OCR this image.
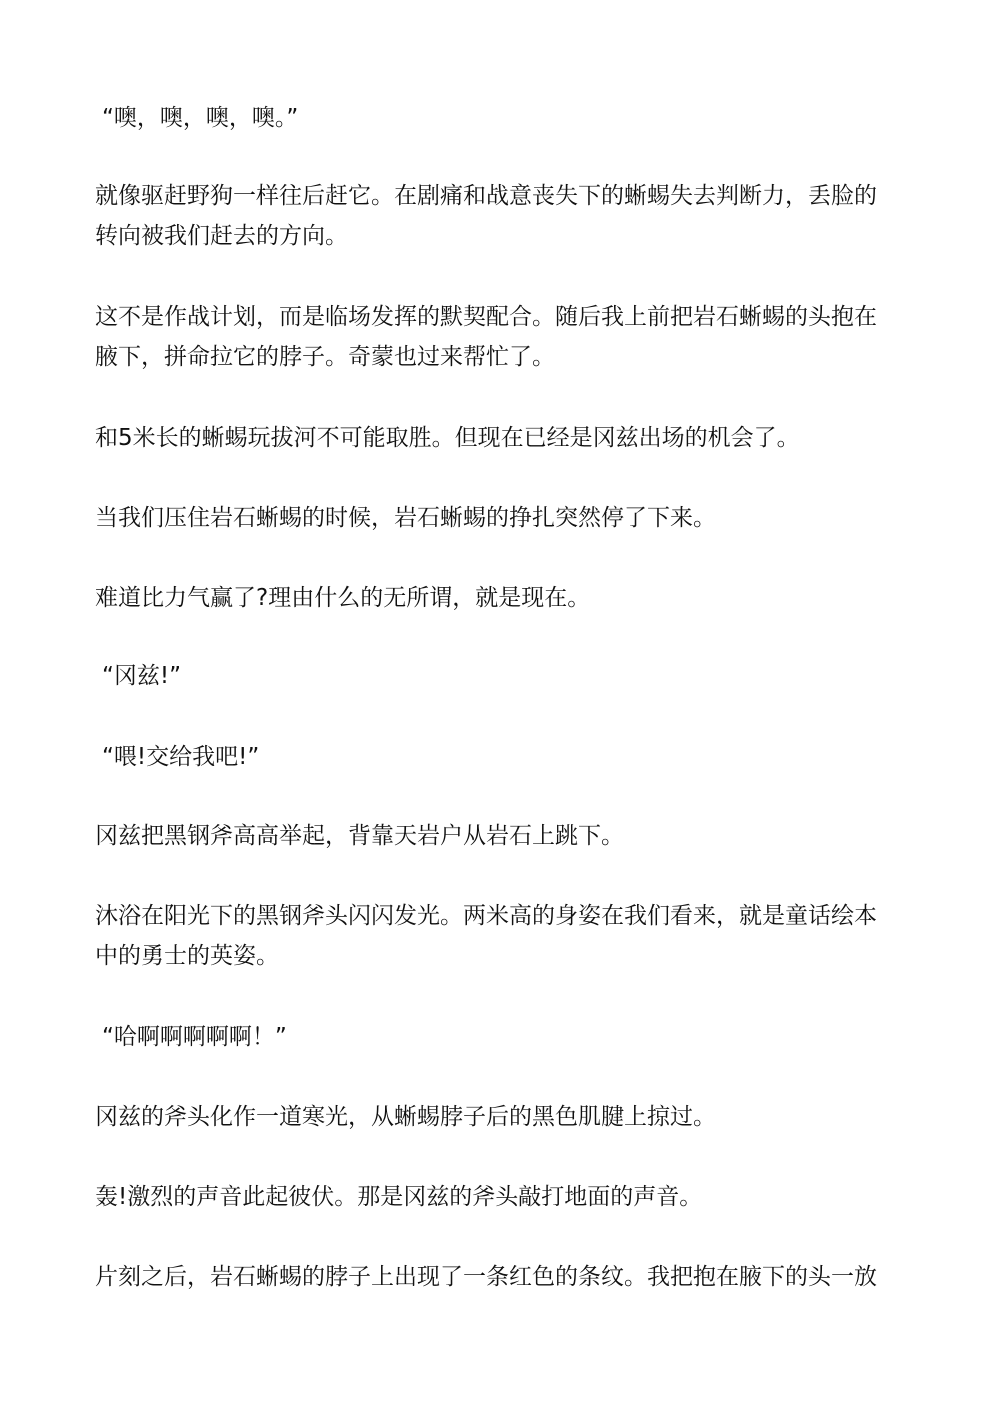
“噢，噢，噢，噢。”

就像驱赶野狗一样往后赶它。在剧痛和战意丧失下的蜥蜴失去判断力，丢脸的
转向被我们赶去的方向。

这不是作战计划，而是临场发挥的默契配合。随后我上前把岩石蜥蜴的头抱在
腋下，拼命拉它的脖子。奇蒙也过来帮忙了。

和5米长的蜥蜴玩拔河不可能取胜。但现在已经是冈兹出场的机会了。

当我们压住岩石蜥蜴的时候，岩石蜥蜴的挣扎突然停了下来。

难道比力气赢了?理由什么的无所谓，就是现在。

“冈兹!”

“喂!交给我吧!”

冈兹把黑钢斧高高举起，背靠天岩户从岩石上跳下。

沐浴在阳光下的黑钢斧头闪闪发光。两米高的身姿在我们看来，就是童话绘本
中的勇士的英姿。

“哈啊啊啊啊啊！”

冈兹的斧头化作一道寒光，从蜥蜴脖子后的黑色肌腱上掠过。

轰!激烈的声音此起彼伏。那是冈兹的斧头敲打地面的声音。

片刻之后，岩石蜥蜴的脖子上出现了一条红色的条纹。我把抱在腋下的头一放
